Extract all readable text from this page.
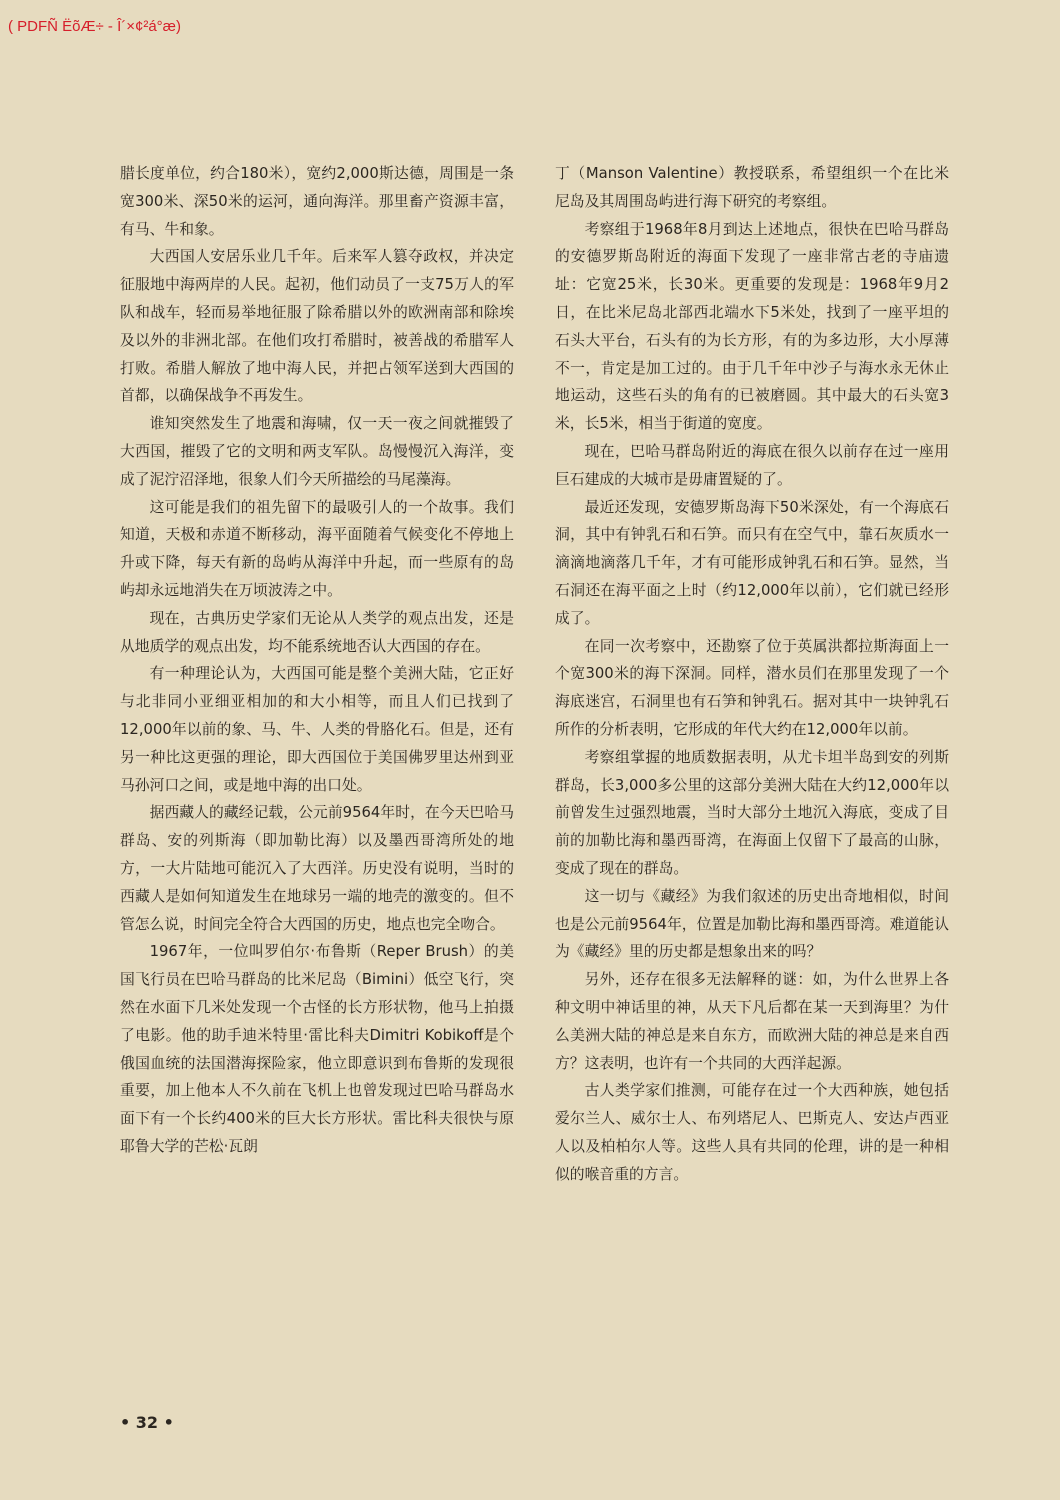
( PDFÑ ËõÆ÷ - Î´×¢²á°æ)

腊长度单位，约合180米），宽约2,000斯达德，周围是一条宽300米、深50米的运河，通向海洋。那里畜产资源丰富，有马、牛和象。

大西国人安居乐业几千年。后来军人篡夺政权，并决定征服地中海两岸的人民。起初，他们动员了一支75万人的军队和战车，轻而易举地征服了除希腊以外的欧洲南部和除埃及以外的非洲北部。在他们攻打希腊时，被善战的希腊军人打败。希腊人解放了地中海人民，并把占领军送到大西国的首都，以确保战争不再发生。

谁知突然发生了地震和海啸，仅一天一夜之间就摧毁了大西国，摧毁了它的文明和两支军队。岛慢慢沉入海洋，变成了泥泞沼泽地，很象人们今天所描绘的马尾藻海。

这可能是我们的祖先留下的最吸引人的一个故事。我们知道，天极和赤道不断移动，海平面随着气候变化不停地上升或下降，每天有新的岛屿从海洋中升起，而一些原有的岛屿却永远地消失在万顷波涛之中。

现在，古典历史学家们无论从人类学的观点出发，还是从地质学的观点出发，均不能系统地否认大西国的存在。

有一种理论认为，大西国可能是整个美洲大陆，它正好与北非同小亚细亚相加的和大小相等，而且人们已找到了12,000年以前的象、马、牛、人类的骨胳化石。但是，还有另一种比这更强的理论，即大西国位于美国佛罗里达州到亚马孙河口之间，或是地中海的出口处。

据西藏人的藏经记载，公元前9564年时，在今天巴哈马群岛、安的列斯海（即加勒比海）以及墨西哥湾所处的地方，一大片陆地可能沉入了大西洋。历史没有说明，当时的西藏人是如何知道发生在地球另一端的地壳的激变的。但不管怎么说，时间完全符合大西国的历史，地点也完全吻合。

1967年，一位叫罗伯尔·布鲁斯（Reper Brush）的美国飞行员在巴哈马群岛的比米尼岛（Bimini）低空飞行，突然在水面下几米处发现一个古怪的长方形状物，他马上拍摄了电影。他的助手迪米特里·雷比科夫Dimitri Kobikoff是个俄国血统的法国潜海探险家，他立即意识到布鲁斯的发现很重要，加上他本人不久前在飞机上也曾发现过巴哈马群岛水面下有一个长约400米的巨大长方形状。雷比科夫很快与原耶鲁大学的芒松·瓦朗

丁（Manson Valentine）教授联系，希望组织一个在比米尼岛及其周围岛屿进行海下研究的考察组。

考察组于1968年8月到达上述地点，很快在巴哈马群岛的安德罗斯岛附近的海面下发现了一座非常古老的寺庙遗址：它宽25米，长30米。更重要的发现是：1968年9月2日，在比米尼岛北部西北端水下5米处，找到了一座平坦的石头大平台，石头有的为长方形，有的为多边形，大小厚薄不一，肯定是加工过的。由于几千年中沙子与海水永无休止地运动，这些石头的角有的已被磨圆。其中最大的石头宽3米，长5米，相当于街道的宽度。

现在，巴哈马群岛附近的海底在很久以前存在过一座用巨石建成的大城市是毋庸置疑的了。

最近还发现，安德罗斯岛海下50米深处，有一个海底石洞，其中有钟乳石和石笋。而只有在空气中，靠石灰质水一滴滴地滴落几千年，才有可能形成钟乳石和石笋。显然，当石洞还在海平面之上时（约12,000年以前），它们就已经形成了。

在同一次考察中，还勘察了位于英属洪都拉斯海面上一个宽300米的海下深洞。同样，潜水员们在那里发现了一个海底迷宫，石洞里也有石笋和钟乳石。据对其中一块钟乳石所作的分析表明，它形成的年代大约在12,000年以前。

考察组掌握的地质数据表明，从尤卡坦半岛到安的列斯群岛，长3,000多公里的这部分美洲大陆在大约12,000年以前曾发生过强烈地震，当时大部分土地沉入海底，变成了目前的加勒比海和墨西哥湾，在海面上仅留下了最高的山脉，变成了现在的群岛。

这一切与《藏经》为我们叙述的历史出奇地相似，时间也是公元前9564年，位置是加勒比海和墨西哥湾。难道能认为《藏经》里的历史都是想象出来的吗？

另外，还存在很多无法解释的谜：如，为什么世界上各种文明中神话里的神，从天下凡后都在某一天到海里？为什么美洲大陆的神总是来自东方，而欧洲大陆的神总是来自西方？这表明，也许有一个共同的大西洋起源。

古人类学家们推测，可能存在过一个大西种族，她包括爱尔兰人、威尔士人、布列塔尼人、巴斯克人、安达卢西亚人以及柏柏尔人等。这些人具有共同的伦理，讲的是一种相似的喉音重的方言。

• 32 •
